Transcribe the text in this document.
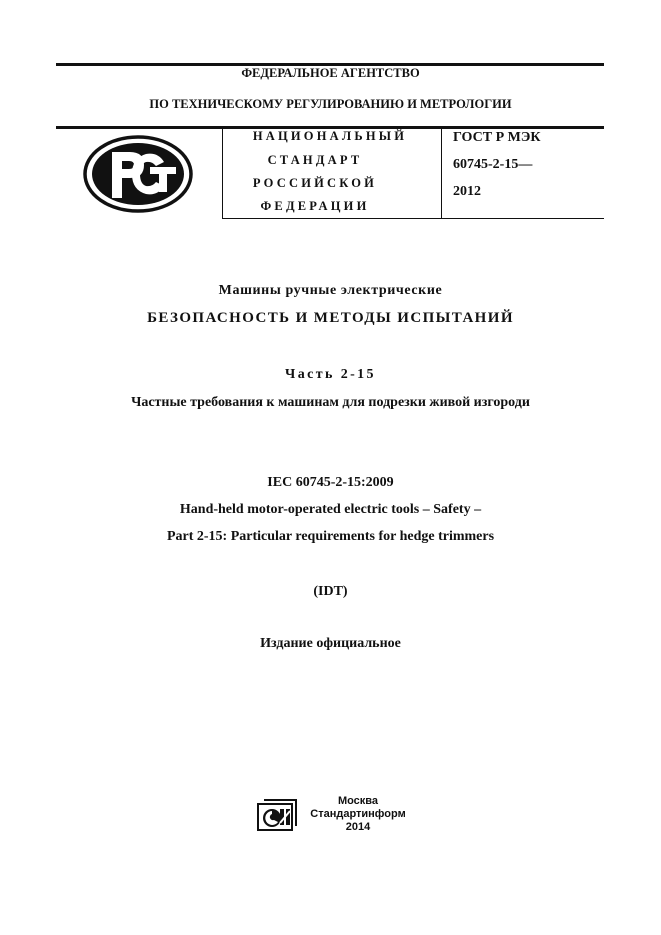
ФЕДЕРАЛЬНОЕ АГЕНТСТВО
ПО ТЕХНИЧЕСКОМУ РЕГУЛИРОВАНИЮ И МЕТРОЛОГИИ
НАЦИОНАЛЬНЫЙ
СТАНДАРТ
РОССИЙСКОЙ
ФЕДЕРАЦИИ
ГОСТ Р МЭК
60745-2-15—
2012
Машины ручные электрические
БЕЗОПАСНОСТЬ И МЕТОДЫ ИСПЫТАНИЙ
Часть 2-15
Частные требования к машинам для подрезки живой изгороди
IEC 60745-2-15:2009
Hand-held motor-operated electric tools – Safety –
Part 2-15: Particular requirements for hedge trimmers
(IDT)
Издание официальное
Москва
Стандартинформ
2014
